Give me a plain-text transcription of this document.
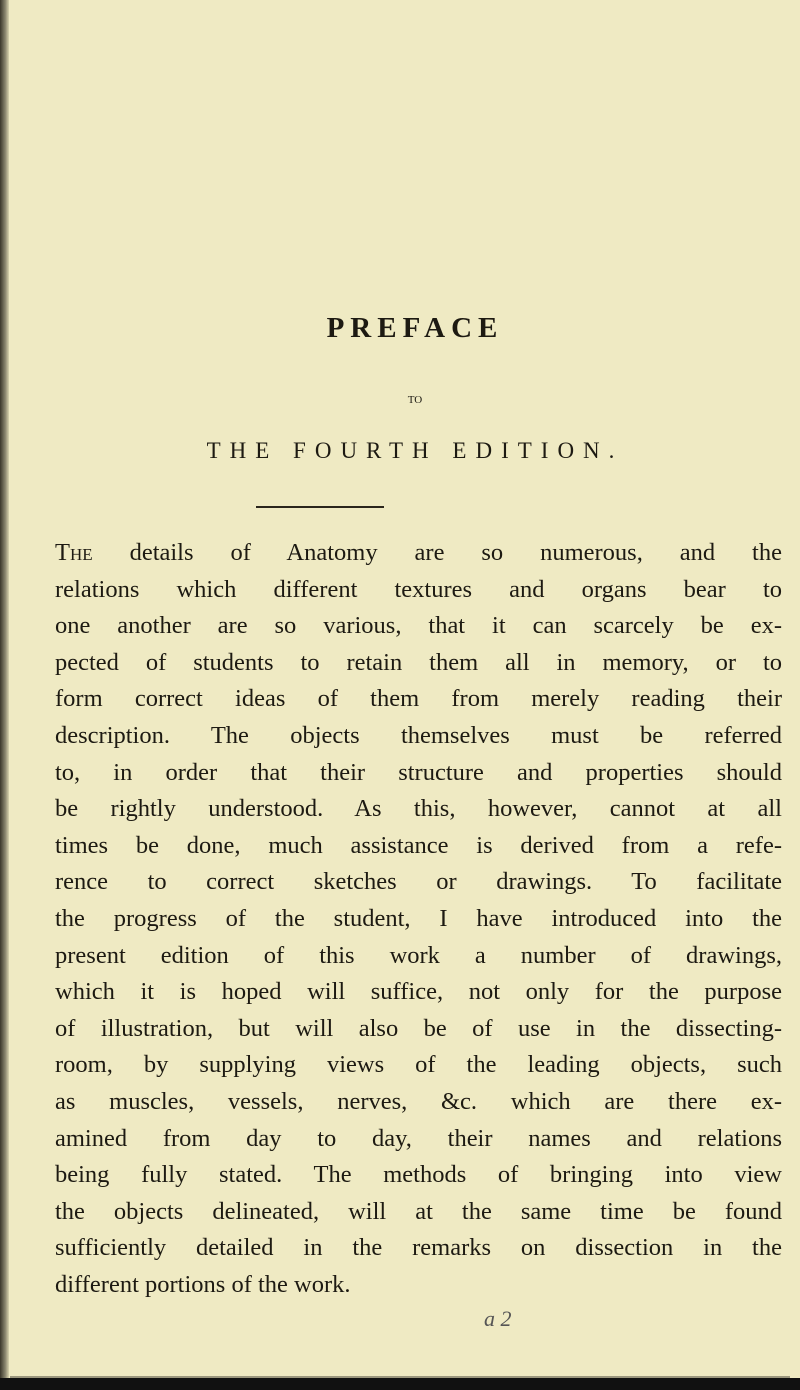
PREFACE
TO
THE FOURTH EDITION.
The details of Anatomy are so numerous, and the
relations which different textures and organs bear to
one another are so various, that it can scarcely be ex-
pected of students to retain them all in memory, or to
form correct ideas of them from merely reading their
description. The objects themselves must be referred
to, in order that their structure and properties should
be rightly understood. As this, however, cannot at all
times be done, much assistance is derived from a refe-
rence to correct sketches or drawings. To facilitate
the progress of the student, I have introduced into the
present edition of this work a number of drawings,
which it is hoped will suffice, not only for the purpose
of illustration, but will also be of use in the dissecting-
room, by supplying views of the leading objects, such
as muscles, vessels, nerves, &c. which are there ex-
amined from day to day, their names and relations
being fully stated. The methods of bringing into view
the objects delineated, will at the same time be found
sufficiently detailed in the remarks on dissection in the
different portions of the work.
a 2
